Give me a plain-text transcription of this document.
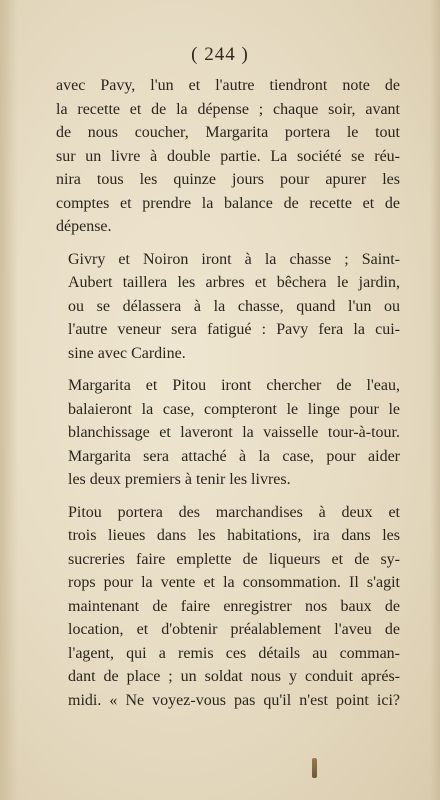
( 244 )

avec Pavy, l'un et l'autre tiendront note de
la recette et de la dépense ; chaque soir, avant
de nous coucher, Margarita portera le tout
sur un livre à double partie. La société se réu-
nira tous les quinze jours pour apurer les
comptes et prendre la balance de recette et de
dépense.

Givry et Noiron iront à la chasse ; Saint-
Aubert taillera les arbres et bêchera le jardin,
ou se délassera à la chasse, quand l'un ou
l'autre veneur sera fatigué : Pavy fera la cui-
sine avec Cardine.

Margarita et Pitou iront chercher de l'eau,
balaieront la case, compteront le linge pour le
blanchissage et laveront la vaisselle tour-à-tour.
Margarita sera attaché à la case, pour aider
les deux premiers à tenir les livres.

Pitou portera des marchandises à deux et
trois lieues dans les habitations, ira dans les
sucreries faire emplette de liqueurs et de sy-
rops pour la vente et la consommation. Il s'agit
maintenant de faire enregistrer nos baux de
location, et d'obtenir préalablement l'aveu de
l'agent, qui a remis ces détails au comman-
dant de place ; un soldat nous y conduit aprés-
midi. « Ne voyez-vous pas qu'il n'est point ici?
